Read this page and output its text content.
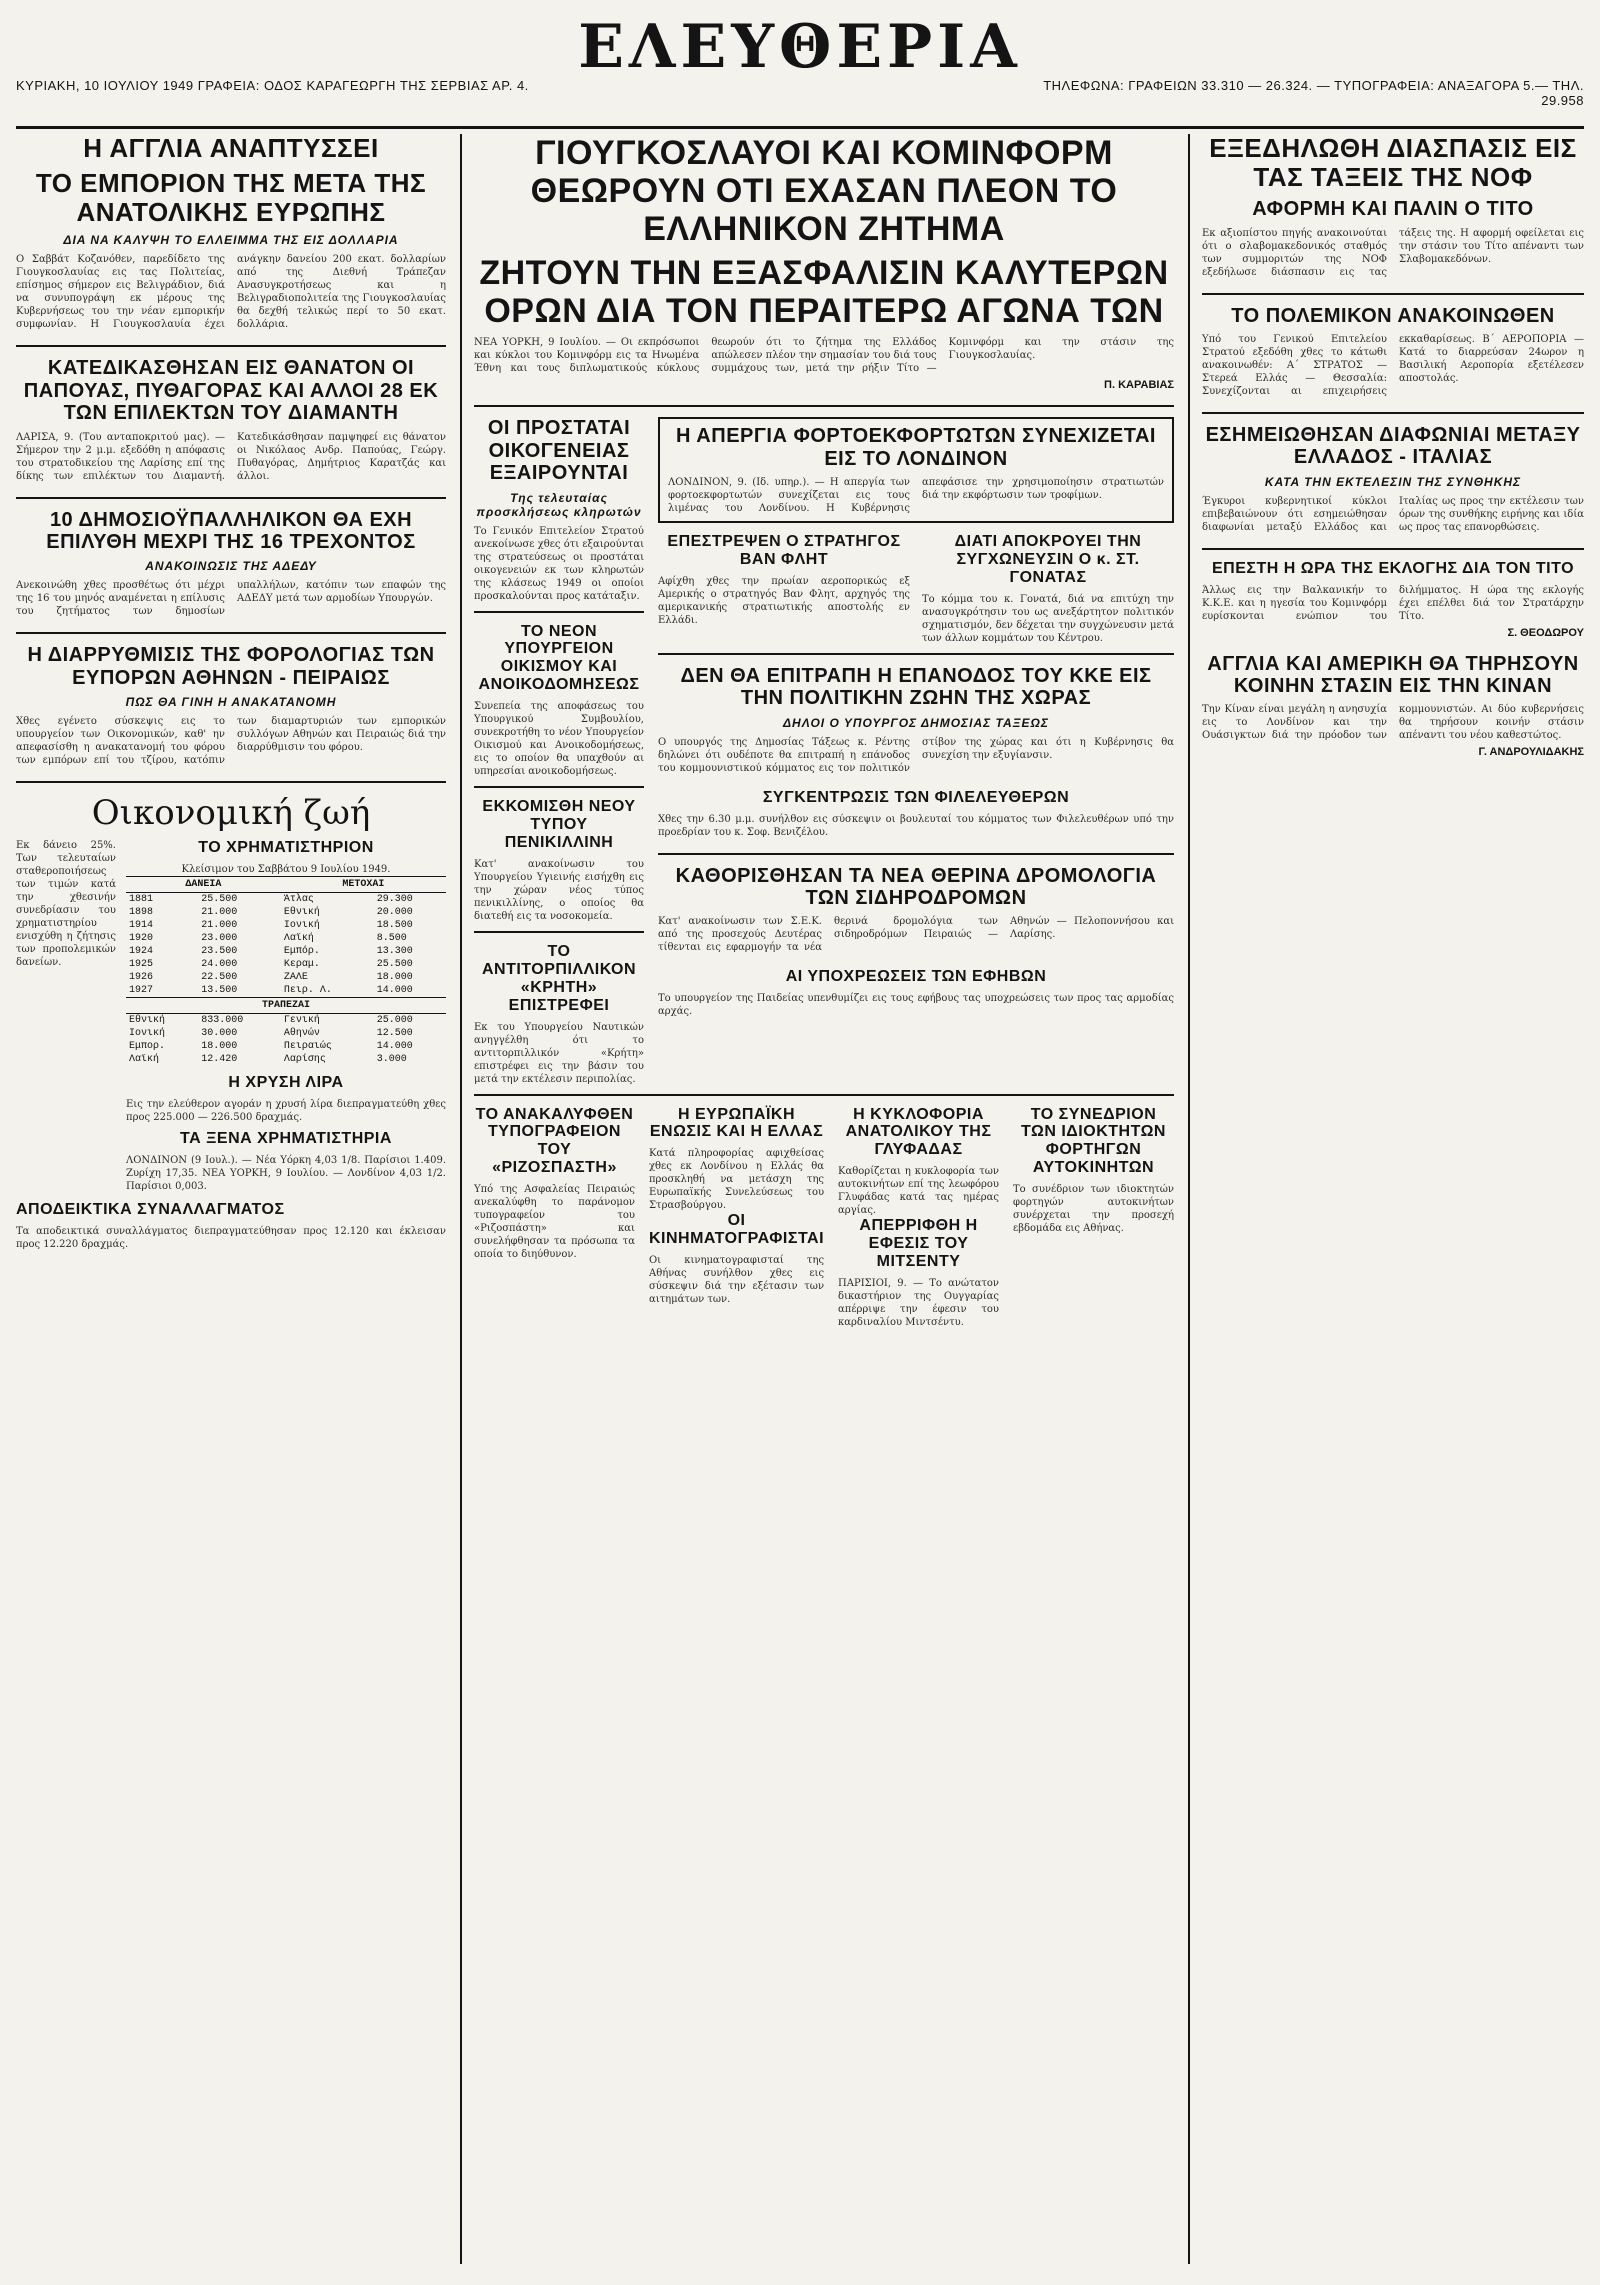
ΚΥΡΙΑΚΗ, 10 ΙΟΥΛΙΟΥ 1949 ΓΡΑΦΕΙΑ: ΟΔΟΣ ΚΑΡΑΓΕΩΡΓΗ ΤΗΣ ΣΕΡΒΙΑΣ ΑΡ. 4.
ΕΛΕΥΘΕΡΙΑ
ΤΗΛΕΦΩΝΑ: ΓΡΑΦΕΙΩΝ 33.310 — 26.324. — ΤΥΠΟΓΡΑΦΕΙΑ: ΑΝΑΞΑΓΟΡΑ 5.— ΤΗΛ. 29.958
Η ΑΓΓΛΙΑ ΑΝΑΠΤΥΣΣΕΙ
ΤΟ ΕΜΠΟΡΙΟΝ ΤΗΣ ΜΕΤΑ ΤΗΣ ΑΝΑΤΟΛΙΚΗΣ ΕΥΡΩΠΗΣ

ΔΙΑ ΝΑ ΚΑΛΥΨΗ ΤΟ ΕΛΛΕΙΜΜΑ ΤΗΣ ΕΙΣ ΔΟΛΛΑΡΙΑ

Ο Σαββάτ Κοζανόθεν, παρεδίδετο της Γιουγκοσλαυίας εις τας Πολιτείας, επίσημος σήμερον εις Βελιγράδιον, διά να συνυπογράψη εκ μέρους της Κυβερνήσεως του την νέαν εμπορικήν συμφωνίαν. Η Γιουγκοσλαυία έχει ανάγκην δανείου 200 εκατ. δολλαρίων από της Διεθνή Τράπεζαν Ανασυγκροτήσεως και η Βελιγραδιοπολιτεία της Γιουγκοσλαυίας θα δεχθή τελικώς περί το 50 εκατ. δολλάρια.

ΚΑΤΕΔΙΚΑΣΘΗΣΑΝ ΕΙΣ ΘΑΝΑΤΟΝ ΟΙ ΠΑΠΟΥΑΣ, ΠΥΘΑΓΟΡΑΣ ΚΑΙ ΑΛΛΟΙ 28 ΕΚ ΤΩΝ ΕΠΙΛΕΚΤΩΝ ΤΟΥ ΔΙΑΜΑΝΤΗ

ΛΑΡΙΣΑ, 9. (Του ανταποκριτού μας). — Σήμερον την 2 μ.μ. εξεδόθη η απόφασις του στρατοδικείου της Λαρίσης επί της δίκης των επιλέκτων του Διαμαντή. Κατεδικάσθησαν παμψηφεί εις θάνατον οι Νικόλαος Ανδρ. Παπούας, Γεώργ. Πυθαγόρας, Δημήτριος Καρατζάς και άλλοι.

10 ΔΗΜΟΣΙΟΫΠΑΛΛΗΛΙΚΟΝ ΘΑ ΕΧΗ ΕΠΙΛΥΘΗ ΜΕΧΡΙ ΤΗΣ 16 ΤΡΕΧΟΝΤΟΣ

ΑΝΑΚΟΙΝΩΣΙΣ ΤΗΣ ΑΔΕΔΥ

Ανεκοινώθη χθες προσθέτως ότι μέχρι της 16 του μηνός αναμένεται η επίλυσις του ζητήματος των δημοσίων υπαλλήλων, κατόπιν των επαφών της ΑΔΕΔΥ μετά των αρμοδίων Υπουργών.

Η ΔΙΑΡΡΥΘΜΙΣΙΣ ΤΗΣ ΦΟΡΟΛΟΓΙΑΣ ΤΩΝ ΕΥΠΟΡΩΝ ΑΘΗΝΩΝ - ΠΕΙΡΑΙΩΣ

ΠΩΣ ΘΑ ΓΙΝΗ Η ΑΝΑΚΑΤΑΝΟΜΗ

Χθες εγένετο σύσκεψις εις το υπουργείον των Οικονομικών, καθ' ην απεφασίσθη η ανακατανομή του φόρου των εμπόρων επί του τζίρου, κατόπιν των διαμαρτυριών των εμπορικών συλλόγων Αθηνών και Πειραιώς διά την διαρρύθμισιν του φόρου.

Οικονομική ζωή

Εκ δάνειο 25%. Των τελευταίων σταθεροποιήσεως των τιμών κατά την χθεσινήν συνεδρίασιν του χρηματιστηρίου ενισχύθη η ζήτησις των προπολεμικών δανείων.

ΤΟ ΧΡΗΜΑΤΙΣΤΗΡΙΟΝ

Κλείσιμον του Σαββάτου 9 Ιουλίου 1949.

ΔΑΝΕΙΑ		ΜΕΤΟΧΑΙ	
1881	25.500	Άτλας	29.300
1898	21.000	Εθνική	20.000
1914	21.000	Ιονική	18.500
1920	23.000	Λαϊκή	8.500
1924	23.500	Εμπόρ.	13.300
1925	24.000	Κεραμ.	25.500
1926	22.500	ΖΑΛΕ	18.000
1927	13.500	Πειρ. Λ.	14.000
ΤΡΑΠΕΖΑΙ			
Εθνική	833.000	Γενική	25.000
Ιονική	30.000	Αθηνών	12.500
Εμπορ.	18.000	Πειραιώς	14.000
Λαϊκή	12.420	Λαρίσης	3.000
Η ΧΡΥΣΗ ΛΙΡΑ

Εις την ελεύθερον αγοράν η χρυσή λίρα διεπραγματεύθη χθες προς 225.000 — 226.500 δραχμάς.

ΤΑ ΞΕΝΑ ΧΡΗΜΑΤΙΣΤΗΡΙΑ

ΛΟΝΔΙΝΟΝ (9 Ιουλ.). — Νέα Υόρκη 4,03 1/8. Παρίσιοι 1.409. Ζυρίχη 17,35. ΝΕΑ ΥΟΡΚΗ, 9 Ιουλίου. — Λονδίνον 4,03 1/2. Παρίσιοι 0,003.

ΑΠΟΔΕΙΚΤΙΚΑ ΣΥΝΑΛΛΑΓΜΑΤΟΣ

Τα αποδεικτικά συναλλάγματος διεπραγματεύθησαν προς 12.120 και έκλεισαν προς 12.220 δραχμάς.

ΓΙΟΥΓΚΟΣΛΑΥΟΙ ΚΑΙ ΚΟΜΙΝΦΟΡΜ ΘΕΩΡΟΥΝ ΟΤΙ ΕΧΑΣΑΝ ΠΛΕΟΝ ΤΟ ΕΛΛΗΝΙΚΟΝ ΖΗΤΗΜΑ
ΖΗΤΟΥΝ ΤΗΝ ΕΞΑΣΦΑΛΙΣΙΝ ΚΑΛΥΤΕΡΩΝ ΟΡΩΝ ΔΙΑ ΤΟΝ ΠΕΡΑΙΤΕΡΩ ΑΓΩΝΑ ΤΩΝ

ΝΕΑ ΥΟΡΚΗ, 9 Ιουλίου. — Οι εκπρόσωποι και κύκλοι του Κομινφόρμ εις τα Ηνωμένα Έθνη και τους διπλωματικούς κύκλους θεωρούν ότι το ζήτημα της Ελλάδος απώλεσεν πλέον την σημασίαν του διά τους συμμάχους των, μετά την ρήξιν Τίτο — Κομινφόρμ και την στάσιν της Γιουγκοσλαυίας.

Π. ΚΑΡΑΒΙΑΣ

ΟΙ ΠΡΟΣΤΑΤΑΙ ΟΙΚΟΓΕΝΕΙΑΣ ΕΞΑΙΡΟΥΝΤΑΙ

Της τελευταίας προσκλήσεως κληρωτών

Το Γενικόν Επιτελείον Στρατού ανεκοίνωσε χθες ότι εξαιρούνται της στρατεύσεως οι προστάται οικογενειών εκ των κληρωτών της κλάσεως 1949 οι οποίοι προσκαλούνται προς κατάταξιν.

ΤΟ ΝΕΟΝ ΥΠΟΥΡΓΕΙΟΝ ΟΙΚΙΣΜΟΥ ΚΑΙ ΑΝΟΙΚΟΔΟΜΗΣΕΩΣ

Συνεπεία της αποφάσεως του Υπουργικού Συμβουλίου, συνεκροτήθη το νέον Υπουργείον Οικισμού και Ανοικοδομήσεως, εις το οποίον θα υπαχθούν αι υπηρεσίαι ανοικοδομήσεως.

ΕΚΚΟΜΙΣΘΗ ΝΕΟΥ ΤΥΠΟΥ ΠΕΝΙΚΙΛΛΙΝΗ

Κατ' ανακοίνωσιν του Υπουργείου Υγιεινής εισήχθη εις την χώραν νέος τύπος πενικιλλίνης, ο οποίος θα διατεθή εις τα νοσοκομεία.

ΤΟ ΑΝΤΙΤΟΡΠΙΛΛΙΚΟΝ «ΚΡΗΤΗ» ΕΠΙΣΤΡΕΦΕΙ

Εκ του Υπουργείου Ναυτικών ανηγγέλθη ότι το αντιτορπιλλικόν «Κρήτη» επιστρέφει εις την βάσιν του μετά την εκτέλεσιν περιπολίας.

Η ΑΠΕΡΓΙΑ ΦΟΡΤΟΕΚΦΟΡΤΩΤΩΝ ΣΥΝΕΧΙΖΕΤΑΙ ΕΙΣ ΤΟ ΛΟΝΔΙΝΟΝ

ΛΟΝΔΙΝΟΝ, 9. (Ιδ. υπηρ.). — Η απεργία των φορτοεκφορτωτών συνεχίζεται εις τους λιμένας του Λονδίνου. Η Κυβέρνησις απεφάσισε την χρησιμοποίησιν στρατιωτών διά την εκφόρτωσιν των τροφίμων.

ΕΠΕΣΤΡΕΨΕΝ Ο ΣΤΡΑΤΗΓΟΣ ΒΑΝ ΦΛΗΤ

Αφίχθη χθες την πρωίαν αεροπορικώς εξ Αμερικής ο στρατηγός Βαν Φλητ, αρχηγός της αμερικανικής στρατιωτικής αποστολής εν Ελλάδι.

ΔΙΑΤΙ ΑΠΟΚΡΟΥΕΙ ΤΗΝ ΣΥΓΧΩΝΕΥΣΙΝ Ο κ. ΣΤ. ΓΟΝΑΤΑΣ

Το κόμμα του κ. Γονατά, διά να επιτύχη την ανασυγκρότησιν του ως ανεξάρτητον πολιτικόν σχηματισμόν, δεν δέχεται την συγχώνευσιν μετά των άλλων κομμάτων του Κέντρου.

ΔΕΝ ΘΑ ΕΠΙΤΡΑΠΗ Η ΕΠΑΝΟΔΟΣ ΤΟΥ ΚΚΕ ΕΙΣ ΤΗΝ ΠΟΛΙΤΙΚΗΝ ΖΩΗΝ ΤΗΣ ΧΩΡΑΣ

ΔΗΛΟΙ Ο ΥΠΟΥΡΓΟΣ ΔΗΜΟΣΙΑΣ ΤΑΞΕΩΣ

Ο υπουργός της Δημοσίας Τάξεως κ. Ρέντης δηλώνει ότι ουδέποτε θα επιτραπή η επάνοδος του κομμουνιστικού κόμματος εις τον πολιτικόν στίβον της χώρας και ότι η Κυβέρνησις θα συνεχίση την εξυγίανσιν.

ΣΥΓΚΕΝΤΡΩΣΙΣ ΤΩΝ ΦΙΛΕΛΕΥΘΕΡΩΝ

Χθες την 6.30 μ.μ. συνήλθον εις σύσκεψιν οι βουλευταί του κόμματος των Φιλελευθέρων υπό την προεδρίαν του κ. Σοφ. Βενιζέλου.

ΚΑΘΟΡΙΣΘΗΣΑΝ ΤΑ ΝΕΑ ΘΕΡΙΝΑ ΔΡΟΜΟΛΟΓΙΑ ΤΩΝ ΣΙΔΗΡΟΔΡΟΜΩΝ

Κατ' ανακοίνωσιν των Σ.Ε.Κ. από της προσεχούς Δευτέρας τίθενται εις εφαρμογήν τα νέα θερινά δρομολόγια των σιδηροδρόμων Πειραιώς — Αθηνών — Πελοποννήσου και Λαρίσης.

ΑΙ ΥΠΟΧΡΕΩΣΕΙΣ ΤΩΝ ΕΦΗΒΩΝ

Το υπουργείον της Παιδείας υπενθυμίζει εις τους εφήβους τας υποχρεώσεις των προς τας αρμοδίας αρχάς.

ΤΟ ΑΝΑΚΑΛΥΦΘΕΝ ΤΥΠΟΓΡΑΦΕΙΟΝ ΤΟΥ «ΡΙΖΟΣΠΑΣΤΗ»

Υπό της Ασφαλείας Πειραιώς ανεκαλύφθη το παράνομον τυπογραφείον του «Ριζοσπάστη» και συνελήφθησαν τα πρόσωπα τα οποία το διηύθυνον.

Η ΕΥΡΩΠΑΪΚΗ ΕΝΩΣΙΣ ΚΑΙ Η ΕΛΛΑΣ

Κατά πληροφορίας αφιχθείσας χθες εκ Λονδίνου η Ελλάς θα προσκληθή να μετάσχη της Ευρωπαϊκής Συνελεύσεως του Στρασβούργου.

ΟΙ ΚΙΝΗΜΑΤΟΓΡΑΦΙΣΤΑΙ

Οι κινηματογραφισταί της Αθήνας συνήλθον χθες εις σύσκεψιν διά την εξέτασιν των αιτημάτων των.

Η ΚΥΚΛΟΦΟΡΙΑ ΑΝΑΤΟΛΙΚΟΥ ΤΗΣ ΓΛΥΦΑΔΑΣ

Καθορίζεται η κυκλοφορία των αυτοκινήτων επί της λεωφόρου Γλυφάδας κατά τας ημέρας αργίας.

ΑΠΕΡΡΙΦΘΗ Η ΕΦΕΣΙΣ ΤΟΥ ΜΙΤΣΕΝΤΥ

ΠΑΡΙΣΙΟΙ, 9. — Το ανώτατον δικαστήριον της Ουγγαρίας απέρριψε την έφεσιν του καρδιναλίου Μιντσέντυ.

ΤΟ ΣΥΝΕΔΡΙΟΝ ΤΩΝ ΙΔΙΟΚΤΗΤΩΝ ΦΟΡΤΗΓΩΝ ΑΥΤΟΚΙΝΗΤΩΝ

Το συνέδριον των ιδιοκτητών φορτηγών αυτοκινήτων συνέρχεται την προσεχή εβδομάδα εις Αθήνας.

ΕΞΕΔΗΛΩΘΗ ΔΙΑΣΠΑΣΙΣ ΕΙΣ ΤΑΣ ΤΑΞΕΙΣ ΤΗΣ ΝΟΦ

ΑΦΟΡΜΗ ΚΑΙ ΠΑΛΙΝ Ο ΤΙΤΟ

Εκ αξιοπίστου πηγής ανακοινούται ότι ο σλαβομακεδονικός σταθμός των συμμοριτών της ΝΟΦ εξεδήλωσε διάσπασιν εις τας τάξεις της. Η αφορμή οφείλεται εις την στάσιν του Τίτο απέναντι των Σλαβομακεδόνων.

ΤΟ ΠΟΛΕΜΙΚΟΝ ΑΝΑΚΟΙΝΩΘΕΝ

Υπό του Γενικού Επιτελείου Στρατού εξεδόθη χθες το κάτωθι ανακοινωθέν: Α΄ ΣΤΡΑΤΟΣ — Στερεά Ελλάς — Θεσσαλία: Συνεχίζονται αι επιχειρήσεις εκκαθαρίσεως. Β΄ ΑΕΡΟΠΟΡΙΑ — Κατά το διαρρεύσαν 24ωρον η Βασιλική Αεροπορία εξετέλεσεν αποστολάς.

ΕΣΗΜΕΙΩΘΗΣΑΝ ΔΙΑΦΩΝΙΑΙ ΜΕΤΑΞΥ ΕΛΛΑΔΟΣ - ΙΤΑΛΙΑΣ

ΚΑΤΑ ΤΗΝ ΕΚΤΕΛΕΣΙΝ ΤΗΣ ΣΥΝΘΗΚΗΣ

Έγκυροι κυβερνητικοί κύκλοι επιβεβαιώνουν ότι εσημειώθησαν διαφωνίαι μεταξύ Ελλάδος και Ιταλίας ως προς την εκτέλεσιν των όρων της συνθήκης ειρήνης και ιδία ως προς τας επανορθώσεις.

ΕΠΕΣΤΗ Η ΩΡΑ ΤΗΣ ΕΚΛΟΓΗΣ ΔΙΑ ΤΟΝ ΤΙΤΟ

Άλλως εις την Βαλκανικήν το Κ.Κ.Ε. και η ηγεσία του Κομινφόρμ ευρίσκονται ενώπιον του διλήμματος. Η ώρα της εκλογής έχει επέλθει διά τον Στρατάρχην Τίτο.

Σ. ΘΕΟΔΩΡΟΥ

ΑΓΓΛΙΑ ΚΑΙ ΑΜΕΡΙΚΗ ΘΑ ΤΗΡΗΣΟΥΝ ΚΟΙΝΗΝ ΣΤΑΣΙΝ ΕΙΣ ΤΗΝ ΚΙΝΑΝ

Την Κίναν είναι μεγάλη η ανησυχία εις το Λονδίνον και την Ουάσιγκτων διά την πρόοδον των κομμουνιστών. Αι δύο κυβερνήσεις θα τηρήσουν κοινήν στάσιν απέναντι του νέου καθεστώτος.

Γ. ΑΝΔΡΟΥΛΙΔΑΚΗΣ
